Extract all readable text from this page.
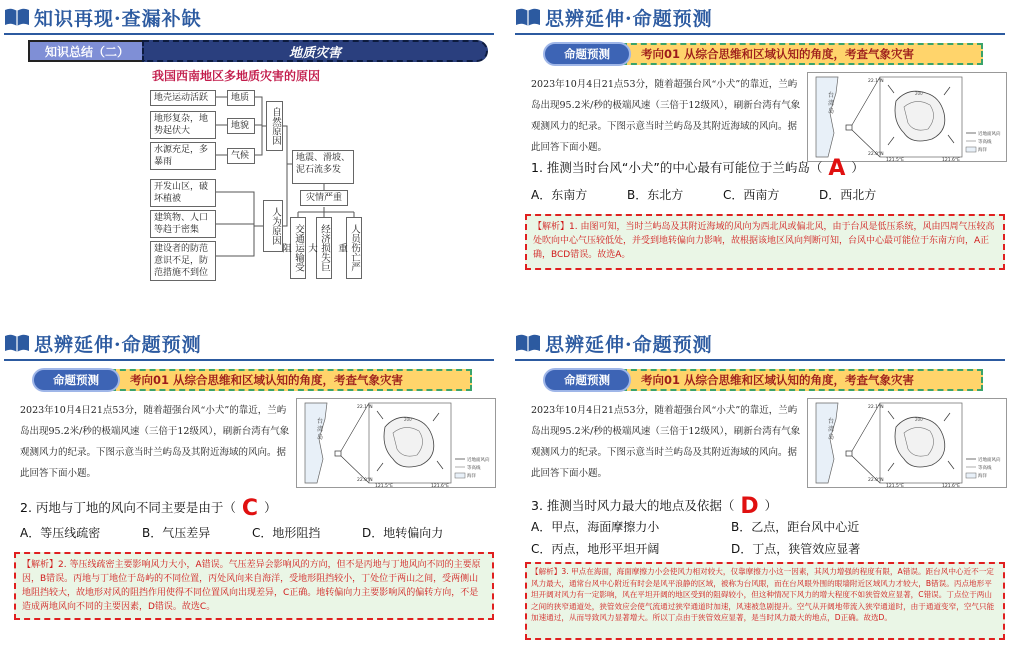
知识再现·查漏补缺
知识总结（二）	地质灾害
我国西南地区多地质灾害的原因
地壳运动活跃
地形复杂，地势起伏大
水源充足，多暴雨
开发山区，破坏植被
建筑物、人口等趋于密集
建设者的防范意识不足，防范措施不到位
地质
地貌
气候
自然原因
人为原因
地震、滑坡、泥石流多发
灾情严重
交通运输受阻	经济损失巨大	人员伤亡严重
思辨延伸·命题预测
命题预测	考向01 从综合思维和区域认知的角度，考查气象灾害
2023年10月4日21点53分，随着超强台风“小犬”的靠近，兰屿岛出现95.2米/秒的极端风速（三倍于12级风），刷新台湾有气象观测风力的纪录。下图示意当时兰屿岛及其附近海域的风向。据此回答下面小题。
台
湾
岛
22.1°N
22.0°N
121.5°E	121.6°E
200
近地面风向
等高线
海洋
1. 推测当时台风“小犬”的中心最有可能位于兰屿岛（ A ）
A．东南方	B．东北方	C．西南方	D．西北方
【解析】1. 由图可知，当时兰屿岛及其附近海域的风向为西北风或偏北风，由于台风是低压系统，风由四周气压较高处吹向中心气压较低处，并受到地转偏向力影响，故根据该地区风向判断可知，台风中心最可能位于东南方向，A正确，BCD错误。故选A。
思辨延伸·命题预测
命题预测	考向01 从综合思维和区域认知的角度，考查气象灾害
2023年10月4日21点53分，随着超强台风“小犬”的靠近，兰屿岛出现95.2米/秒的极端风速（三倍于12级风），刷新台湾有气象观测风力的纪录。下图示意当时兰屿岛及其附近海域的风向。据此回答下面小题。
台
湾
岛
22.1°N
22.0°N
121.5°E	121.6°E
200
近地面风向
等高线
海洋
2. 丙地与丁地的风向不同主要是由于（ C ）
A．等压线疏密	B．气压差异	C．地形阻挡	D．地转偏向力
【解析】2. 等压线疏密主要影响风力大小，A错误。气压差异会影响风的方向，但不是丙地与丁地风向不同的主要原因，B错误。丙地与丁地位于岛屿的不同位置，丙处风向来自海洋，受地形阻挡较小，丁处位于两山之间，受两侧山地阻挡较大，故地形对风的阻挡作用使得不同位置风向出现差异，C正确。地转偏向力主要影响风的偏转方向，不是造成两地风向不同的主要因素，D错误。故选C。
思辨延伸·命题预测
命题预测	考向01 从综合思维和区域认知的角度，考查气象灾害
2023年10月4日21点53分，随着超强台风“小犬”的靠近，兰屿岛出现95.2米/秒的极端风速（三倍于12级风），刷新台湾有气象观测风力的纪录。下图示意当时兰屿岛及其附近海域的风向。据此回答下面小题。
台
湾
岛
22.1°N
22.0°N
121.5°E	121.6°E
200
近地面风向
等高线
海洋
3. 推测当时风力最大的地点及依据（ D ）
A．甲点，海面摩擦力小	B．乙点，距台风中心近
C．丙点，地形平坦开阔	D．丁点，狭管效应显著
【解析】3. 甲点在海面，海面摩擦力小会使风力相对较大，仅靠摩擦力小这一因素，其风力增强的程度有限，A错误。距台风中心近不一定风力最大，通常台风中心附近有时会是风平浪静的区域，被称为台风眼，而在台风眼外围的眼墙附近区域风力才较大，B错误。丙点地形平坦开阔对风力有一定影响，风在平坦开阔的地区受到的阻碍较小，但这种情况下风力的增大程度不如狭管效应显著，C错误。丁点位于两山之间的狭窄通道处，狭管效应会使气流通过狭窄通道时加速，风速被急剧提升。空气从开阔地带流入狭窄通道时，由于通道变窄，空气只能加速通过，从而导致风力显著增大。所以丁点由于狭管效应显著，是当时风力最大的地点，D正确。故选D。
